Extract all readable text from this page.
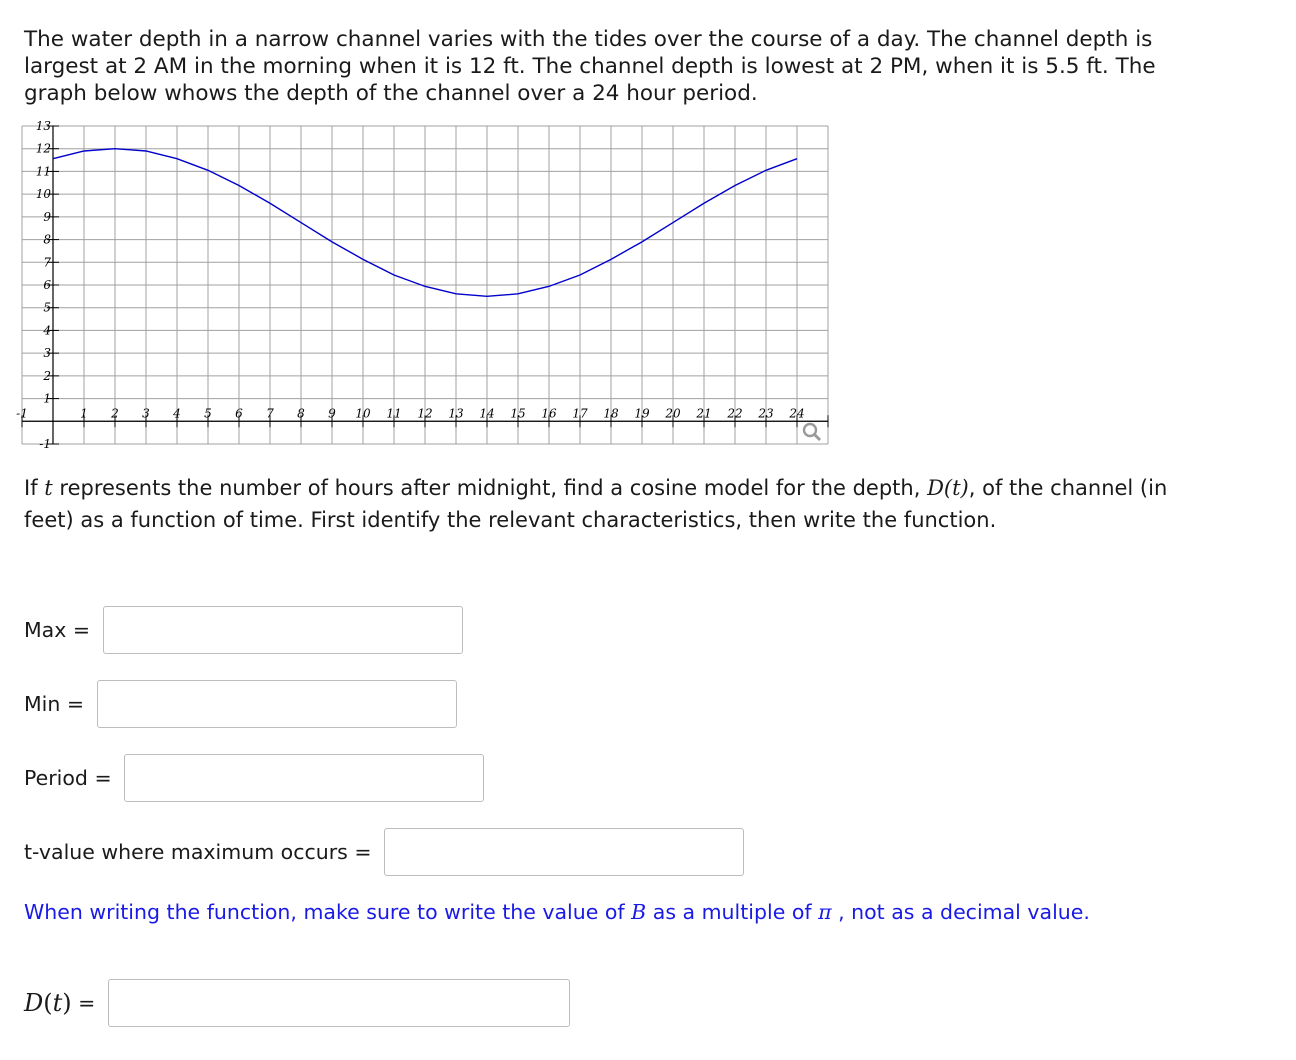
The water depth in a narrow channel varies with the tides over the course of a day. The channel depth is largest at 2 AM in the morning when it is 12 ft. The channel depth is lowest at 2 PM, when it is 5.5 ft. The graph below whows the depth of the channel over a 24 hour period.
-1	1 2 3 4 5 6 7 8 9 10 11 12 13 14 15 16 17 18 19 20 21 22 23 24
13
12
11
10
9
8
7
6
5
4
3
2
1
-1
If t represents the number of hours after midnight, find a cosine model for the depth, D(t), of the channel (in feet) as a function of time. First identify the relevant characteristics, then write the function.
Max =
Min =
Period =
t-value where maximum occurs =
When writing the function, make sure to write the value of B as a multiple of π , not as a decimal value.
D(t) =
